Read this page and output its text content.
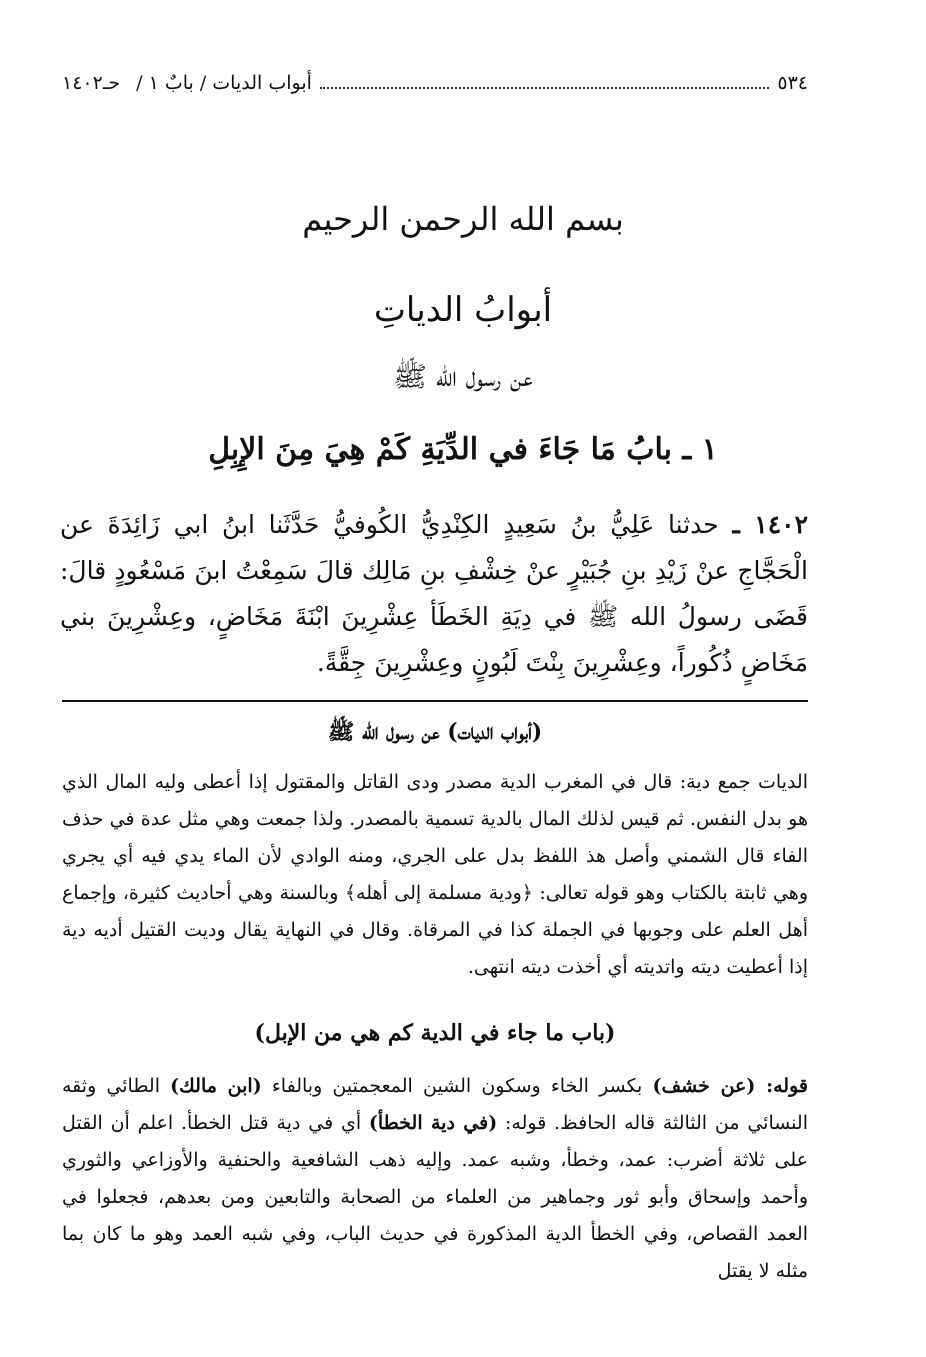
٥٣٤
أبواب الديات / بابٌ ١ /
حـ١٤٠٢
بسم الله الرحمن الرحيم
أبوابُ الدياتِ
عن رسول الله ﷺ
١ ـ بابُ مَا جَاءَ في الدِّيَةِ كَمْ هِيَ مِنَ الإِبِلِ
١٤٠٢ ـ حدثنا عَلِيُّ بنُ سَعِيدٍ الكِنْدِيُّ الكُوفيُّ حَدَّثَنا ابنُ ابي زَائِدَةَ عن الْحَجَّاجِ عنْ زَيْدِ بنِ جُبَيْرٍ عنْ خِشْفِ بنِ مَالِك قالَ سَمِعْتُ ابنَ مَسْعُودٍ قالَ: قَضَى رسولُ الله ﷺ في دِيَةِ الخَطَأ عِشْرِينَ ابْنَةَ مَخَاضٍ، وعِشْرِينَ بني مَخَاضٍ ذُكُوراً، وعِشْرِينَ بِنْتَ لَبُونٍ وعِشْرِينَ جِقَّةً.
(أبواب الديات) عن رسول الله ﷺ
الديات جمع دية: قال في المغرب الدية مصدر ودى القاتل والمقتول إذا أعطى وليه المال الذي هو بدل النفس. ثم قيس لذلك المال بالدية تسمية بالمصدر. ولذا جمعت وهي مثل عدة في حذف الفاء قال الشمني وأصل هذ اللفظ بدل على الجري، ومنه الوادي لأن الماء يدي فيه أي يجري وهي ثابتة بالكتاب وهو قوله تعالى: ﴿ودية مسلمة إلى أهله﴾ وبالسنة وهي أحاديث كثيرة، وإجماع أهل العلم على وجوبها في الجملة كذا في المرقاة. وقال في النهاية يقال وديت القتيل أديه دية إذا أعطيت ديته واتديته أي أخذت ديته انتهى.
(باب ما جاء في الدية كم هي من الإبل)
قوله: (عن خشف) بكسر الخاء وسكون الشين المعجمتين وبالفاء (ابن مالك) الطائي وثقه النسائي من الثالثة قاله الحافظ. قوله: (في دية الخطأ) أي في دية قتل الخطأ. اعلم أن القتل على ثلاثة أضرب: عمد، وخطأ، وشبه عمد. وإليه ذهب الشافعية والحنفية والأوزاعي والثوري وأحمد وإسحاق وأبو ثور وجماهير من العلماء من الصحابة والتابعين ومن بعدهم، فجعلوا في العمد القصاص، وفي الخطأ الدية المذكورة في حديث الباب، وفي شبه العمد وهو ما كان بما مثله لا يقتل
